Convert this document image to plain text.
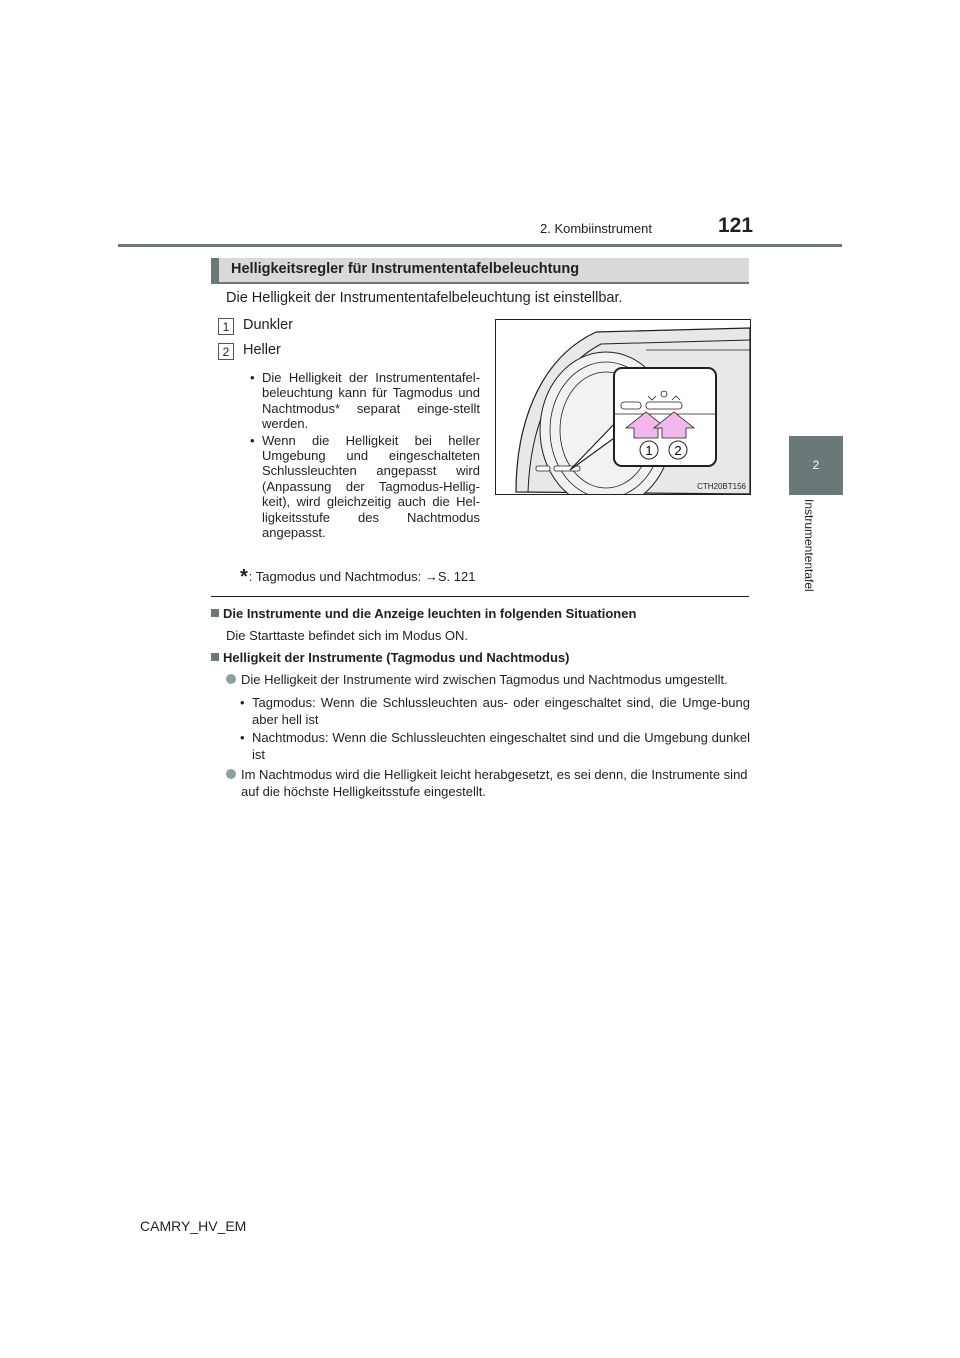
2. Kombiinstrument	121
2
Instrumententafel
Helligkeitsregler für Instrumententafelbeleuchtung
Die Helligkeit der Instrumententafelbeleuchtung ist einstellbar.
1 Dunkler
2 Heller
• Die Helligkeit der Instrumententafel-beleuchtung kann für Tagmodus und Nachtmodus* separat einge-stellt werden.
• Wenn die Helligkeit bei heller Umgebung und eingeschalteten Schlussleuchten angepasst wird (Anpassung der Tagmodus-Hellig-keit), wird gleichzeitig auch die Hel-ligkeitsstufe des Nachtmodus angepasst.
*: Tagmodus und Nachtmodus: →S. 121
1 2
CTH20BT156
Die Instrumente und die Anzeige leuchten in folgenden Situationen
Die Starttaste befindet sich im Modus ON.
Helligkeit der Instrumente (Tagmodus und Nachtmodus)
Die Helligkeit der Instrumente wird zwischen Tagmodus und Nachtmodus umgestellt.
• Tagmodus: Wenn die Schlussleuchten aus- oder eingeschaltet sind, die Umge-bung aber hell ist
• Nachtmodus: Wenn die Schlussleuchten eingeschaltet sind und die Umgebung dunkel ist
Im Nachtmodus wird die Helligkeit leicht herabgesetzt, es sei denn, die Instrumente sind auf die höchste Helligkeitsstufe eingestellt.
CAMRY_HV_EM
